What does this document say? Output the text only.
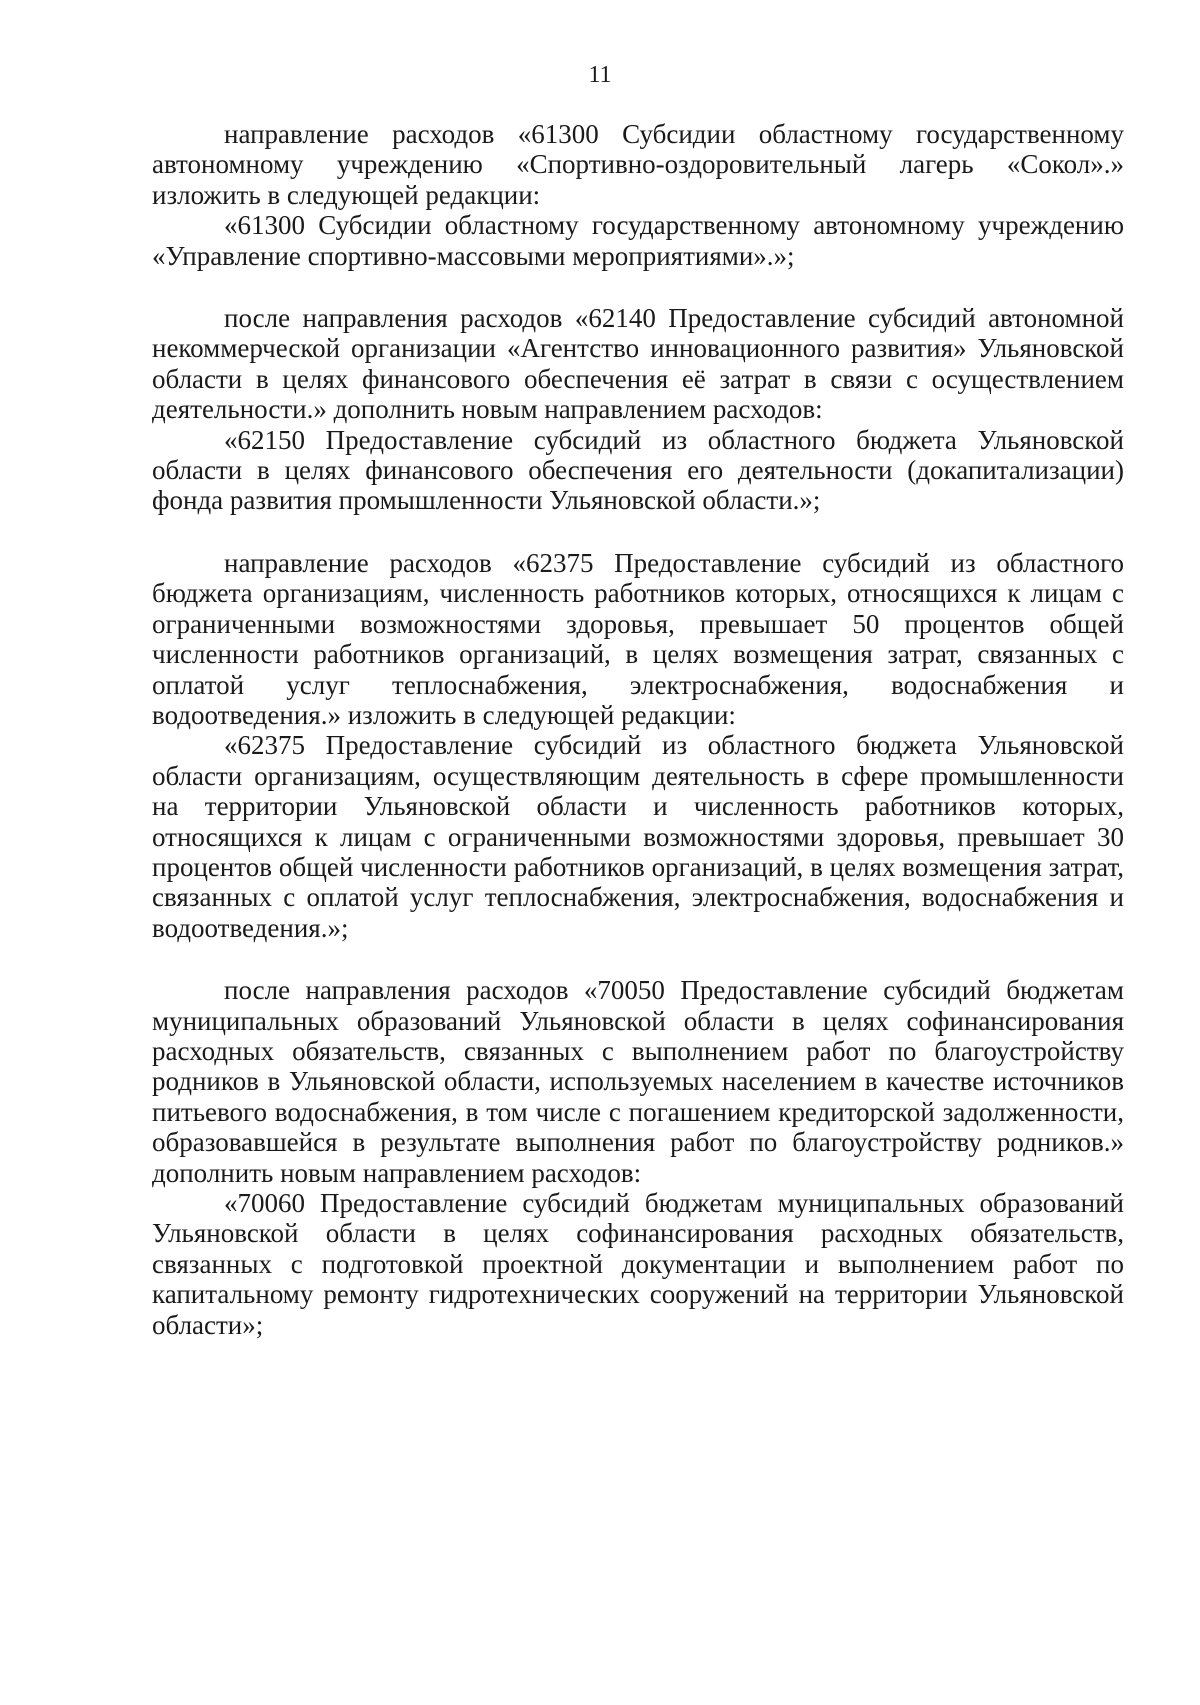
11

направление расходов «61300 Субсидии областному государственному автономному учреждению «Спортивно-оздоровительный лагерь «Сокол».» изложить в следующей редакции:

«61300 Субсидии областному государственному автономному учреждению «Управление спортивно-массовыми мероприятиями».»;

после направления расходов «62140 Предоставление субсидий автономной некоммерческой организации «Агентство инновационного развития» Ульяновской области в целях финансового обеспечения её затрат в связи с осуществлением деятельности.» дополнить новым направлением расходов:

«62150 Предоставление субсидий из областного бюджета Ульяновской области в целях финансового обеспечения его деятельности (докапитализации) фонда развития промышленности Ульяновской области.»;

направление расходов «62375 Предоставление субсидий из областного бюджета организациям, численность работников которых, относящихся к лицам с ограниченными возможностями здоровья, превышает 50 процентов общей численности работников организаций, в целях возмещения затрат, связанных с оплатой услуг теплоснабжения, электроснабжения, водоснабжения и водоотведения.» изложить в следующей редакции:

«62375 Предоставление субсидий из областного бюджета Ульяновской области организациям, осуществляющим деятельность в сфере промышленности на территории Ульяновской области и численность работников которых, относящихся к лицам с ограниченными возможностями здоровья, превышает 30 процентов общей численности работников организаций, в целях возмещения затрат, связанных с оплатой услуг теплоснабжения, электроснабжения, водоснабжения и водоотведения.»;

после направления расходов «70050 Предоставление субсидий бюджетам муниципальных образований Ульяновской области в целях софинансирования расходных обязательств, связанных с выполнением работ по благоустройству родников в Ульяновской области, используемых населением в качестве источников питьевого водоснабжения, в том числе с погашением кредиторской задолженности, образовавшейся в результате выполнения работ по благоустройству родников.» дополнить новым направлением расходов:

«70060 Предоставление субсидий бюджетам муниципальных образований Ульяновской области в целях софинансирования расходных обязательств, связанных с подготовкой проектной документации и выполнением работ по капитальному ремонту гидротехнических сооружений на территории Ульяновской области»;
